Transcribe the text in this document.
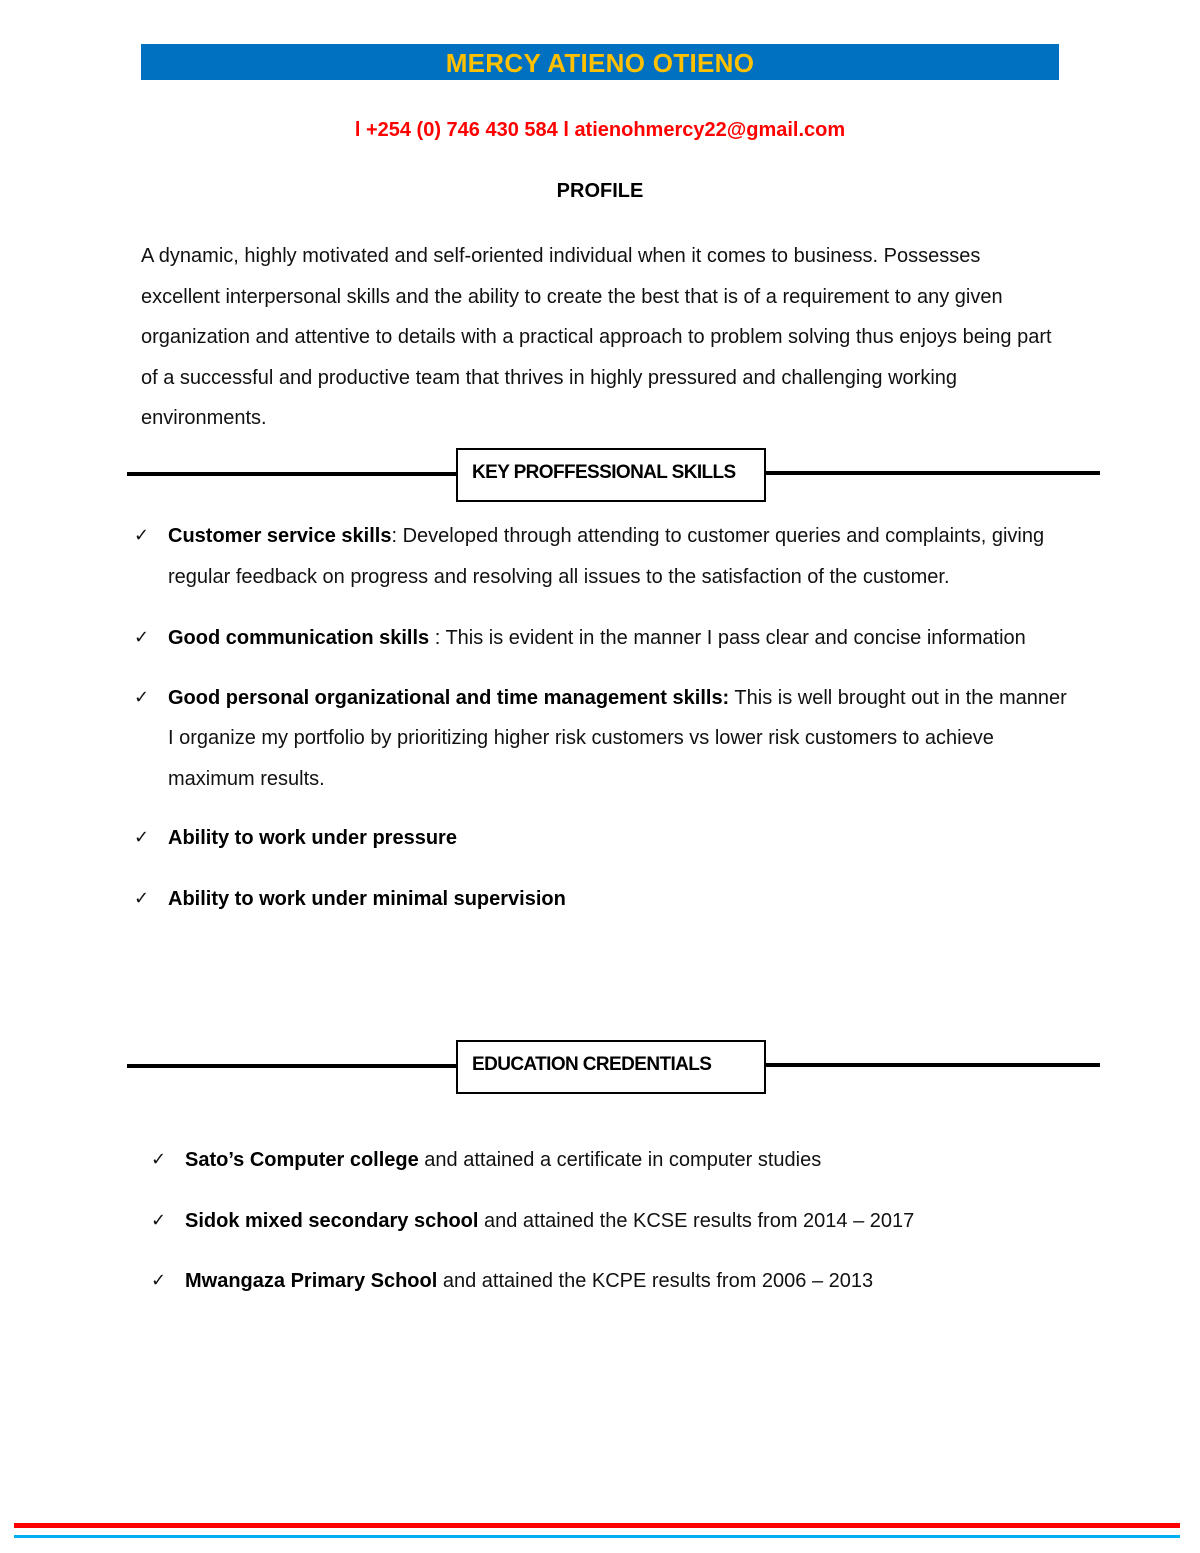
MERCY ATIENO OTIENO
l +254 (0) 746 430 584 l atienohmercy22@gmail.com
PROFILE
A dynamic, highly motivated and self-oriented individual when it comes to business. Possesses excellent interpersonal skills and the ability to create the best that is of a requirement to any given organization and attentive to details with a practical approach to problem solving thus enjoys being part of a successful and productive team that thrives in highly pressured and challenging working environments.
KEY PROFFESSIONAL SKILLS
✓ Customer service skills: Developed through attending to customer queries and complaints, giving regular feedback on progress and resolving all issues to the satisfaction of the customer.
✓ Good communication skills : This is evident in the manner I pass clear and concise information
✓ Good personal organizational and time management skills: This is well brought out in the manner I organize my portfolio by prioritizing higher risk customers vs lower risk customers to achieve maximum results.
✓ Ability to work under pressure
✓ Ability to work under minimal supervision
EDUCATION CREDENTIALS
✓ Sato’s Computer college and attained a certificate in computer studies
✓ Sidok mixed secondary school and attained the KCSE results from 2014 – 2017
✓ Mwangaza Primary School and attained the KCPE results from 2006 – 2013
